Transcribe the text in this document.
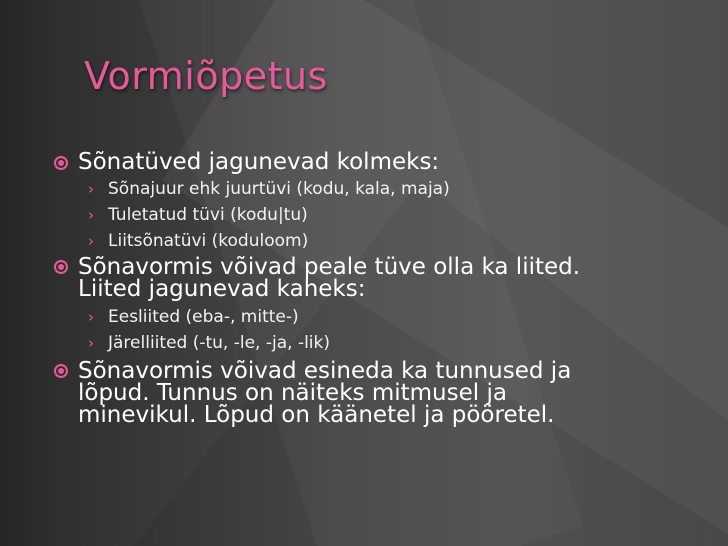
Vormiõpetus
Sõnatüved jagunevad kolmeks:
› Sõnajuur ehk juurtüvi (kodu, kala, maja)
› Tuletatud tüvi (kodu|tu)
› Liitsõnatüvi (koduloom)
Sõnavormis võivad peale tüve olla ka liited.
Liited jagunevad kaheks:
› Eesliited (eba-, mitte-)
› Järelliited (-tu, -le, -ja, -lik)
Sõnavormis võivad esineda ka tunnused ja
lõpud. Tunnus on näiteks mitmusel ja
minevikul. Lõpud on käänetel ja pööretel.
